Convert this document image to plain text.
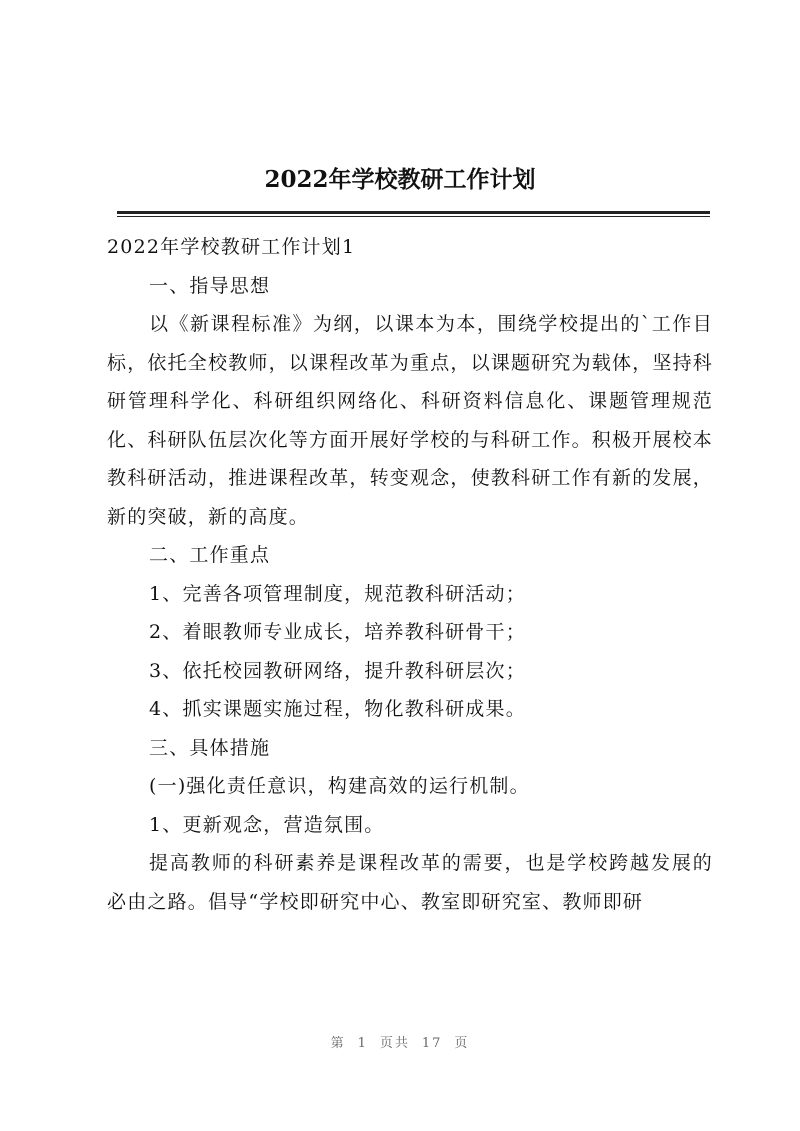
2022年学校教研工作计划

2022年学校教研工作计划1

一、指导思想

以《新课程标准》为纲，以课本为本，围绕学校提出的`工作目标，依托全校教师，以课程改革为重点，以课题研究为载体，坚持科研管理科学化、科研组织网络化、科研资料信息化、课题管理规范化、科研队伍层次化等方面开展好学校的与科研工作。积极开展校本教科研活动，推进课程改革，转变观念，使教科研工作有新的发展，新的突破，新的高度。

二、工作重点

1、完善各项管理制度，规范教科研活动；

2、着眼教师专业成长，培养教科研骨干；

3、依托校园教研网络，提升教科研层次；

4、抓实课题实施过程，物化教科研成果。

三、具体措施

(一)强化责任意识，构建高效的运行机制。

1、更新观念，营造氛围。

提高教师的科研素养是课程改革的需要，也是学校跨越发展的必由之路。倡导“学校即研究中心、教室即研究室、教师即研

第 1 页共 17 页
